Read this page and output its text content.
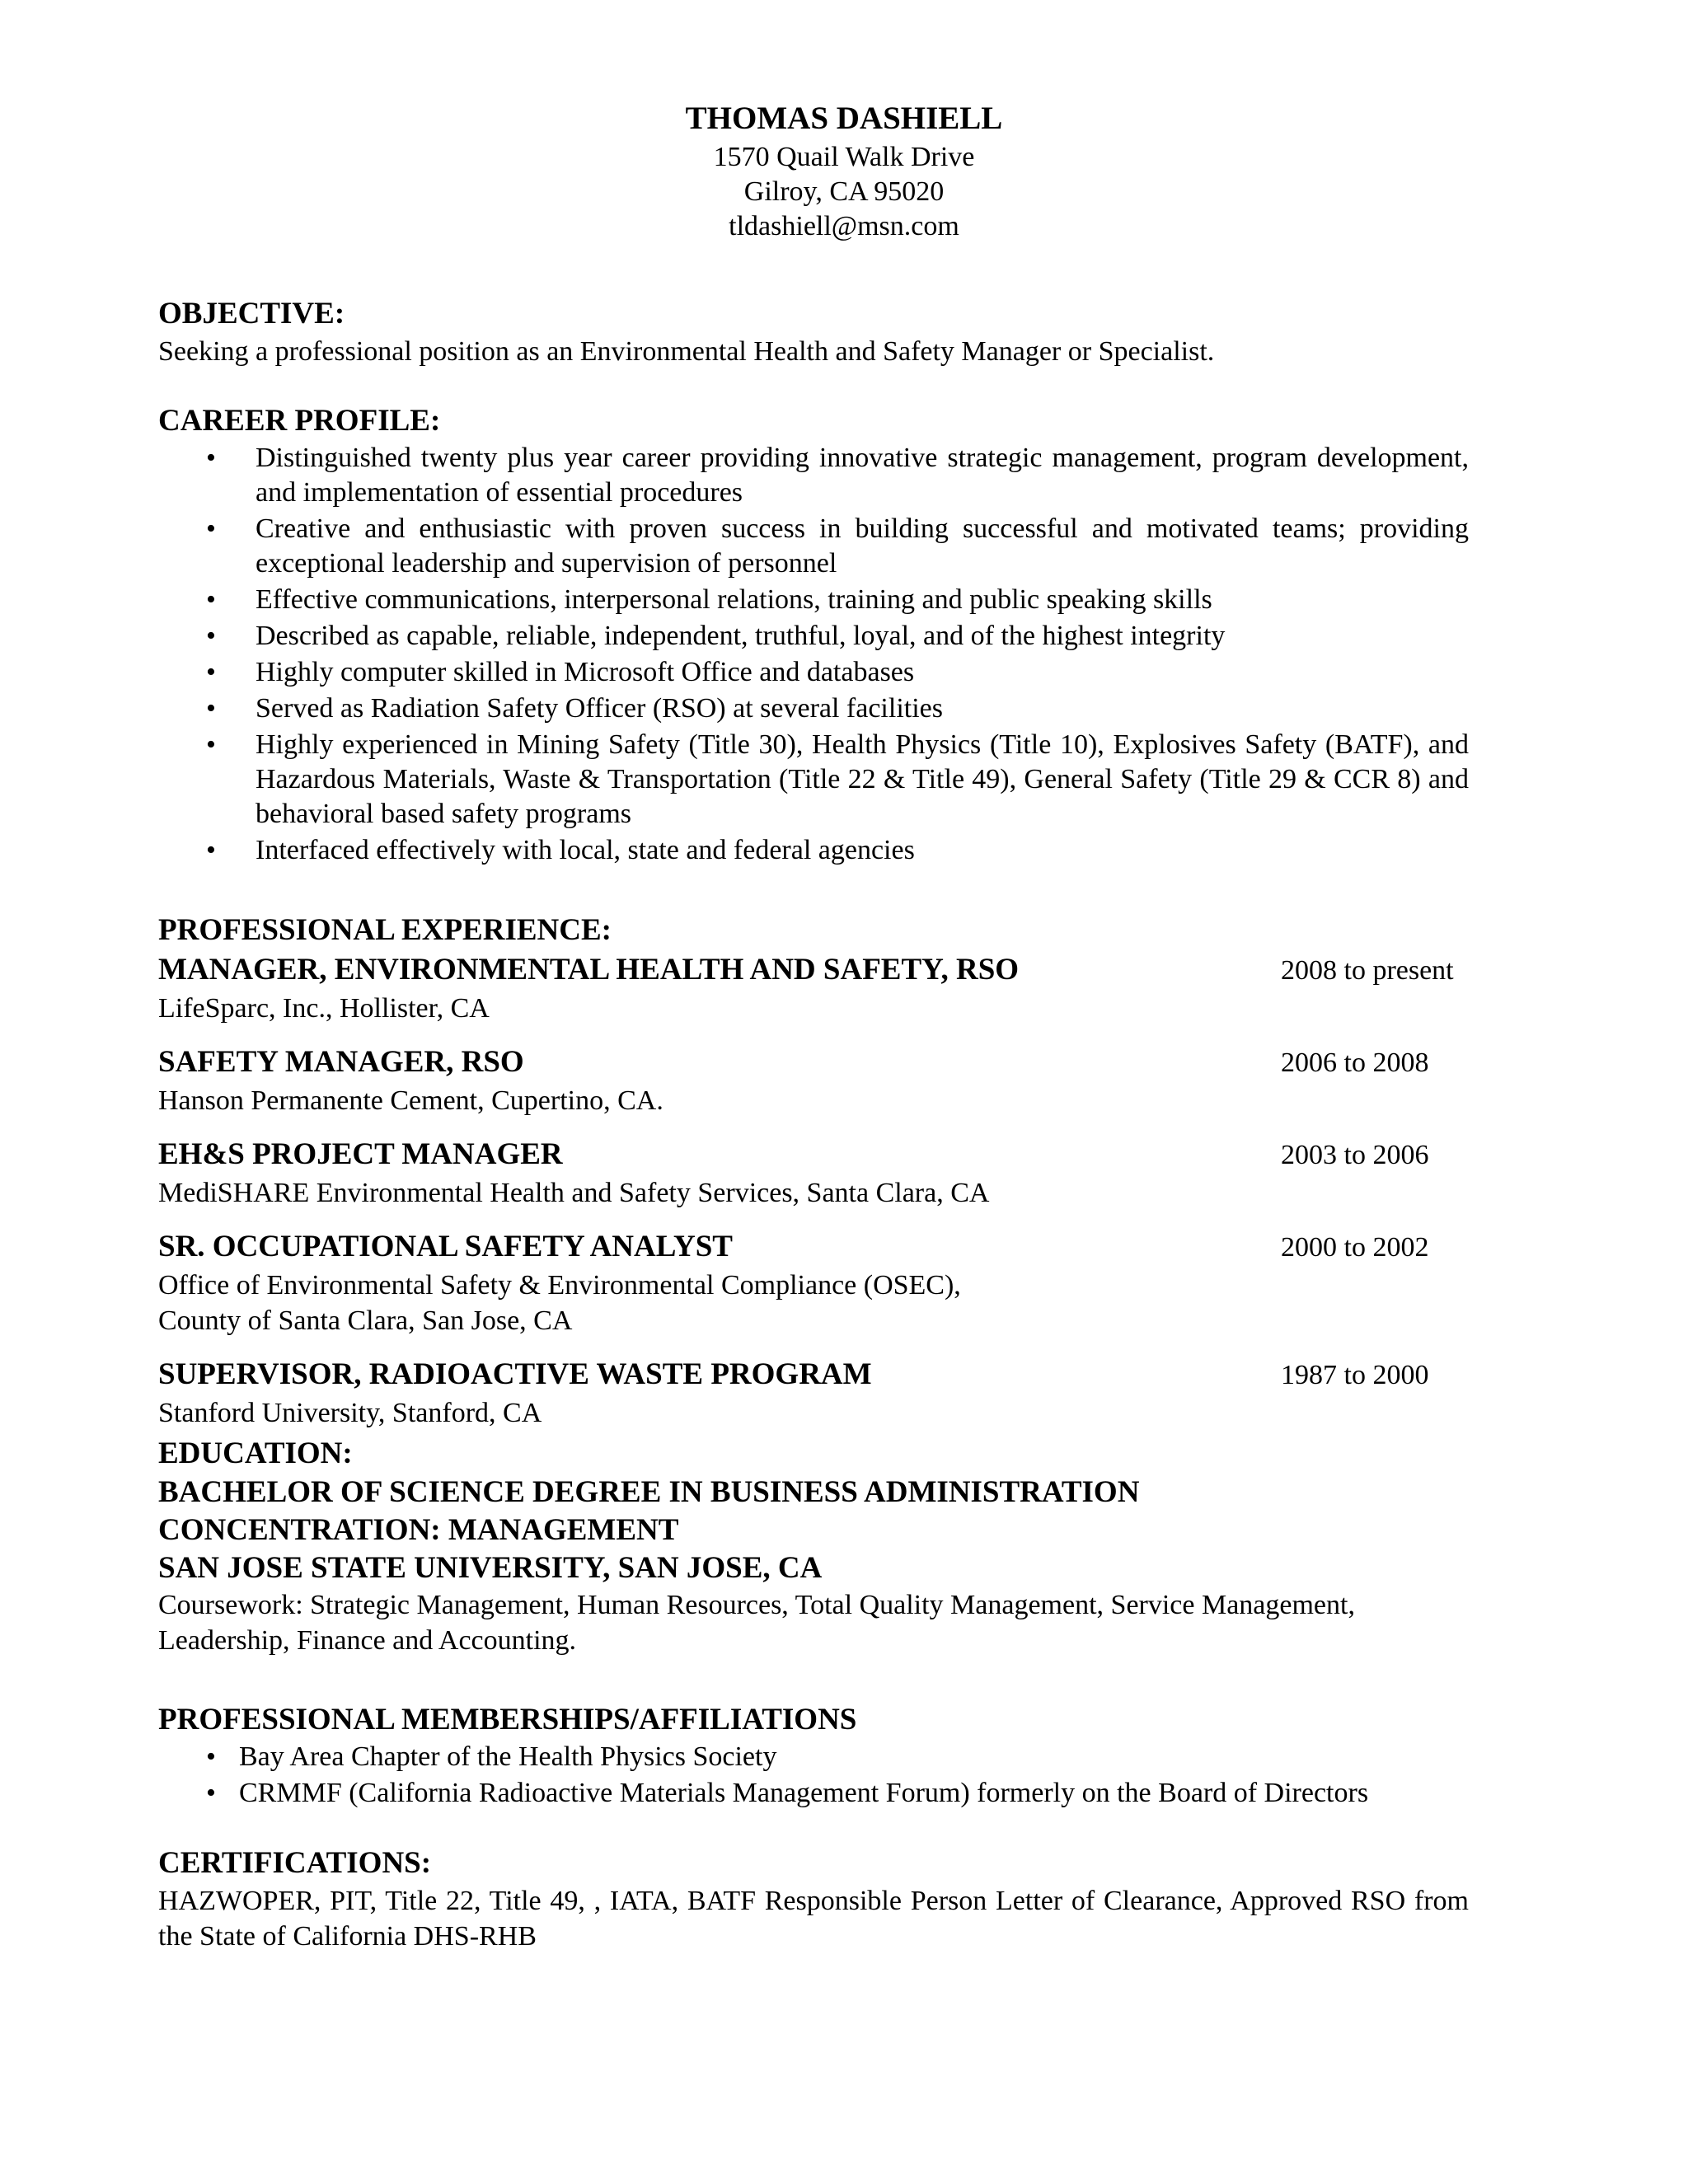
THOMAS DASHIELL
1570 Quail Walk Drive
Gilroy, CA 95020
tldashiell@msn.com
OBJECTIVE:
Seeking a professional position as an Environmental Health and Safety Manager or Specialist.
CAREER PROFILE:
• Distinguished twenty plus year career providing innovative strategic management, program development, and implementation of essential procedures
• Creative and enthusiastic with proven success in building successful and motivated teams; providing exceptional leadership and supervision of personnel
• Effective communications, interpersonal relations, training and public speaking skills
• Described as capable, reliable, independent, truthful, loyal, and of the highest integrity
• Highly computer skilled in Microsoft Office and databases
• Served as Radiation Safety Officer (RSO) at several facilities
• Highly experienced in Mining Safety (Title 30), Health Physics (Title 10), Explosives Safety (BATF), and Hazardous Materials, Waste & Transportation (Title 22 & Title 49), General Safety (Title 29 & CCR 8) and behavioral based safety programs
• Interfaced effectively with local, state and federal agencies
PROFESSIONAL EXPERIENCE:
MANAGER, ENVIRONMENTAL HEALTH AND SAFETY, RSO	2008 to present
LifeSparc, Inc., Hollister, CA
SAFETY MANAGER, RSO	2006 to 2008
Hanson Permanente Cement, Cupertino, CA.
EH&S PROJECT MANAGER	2003 to 2006
MediSHARE Environmental Health and Safety Services, Santa Clara, CA
SR. OCCUPATIONAL SAFETY ANALYST	2000 to 2002
Office of Environmental Safety & Environmental Compliance (OSEC),
County of Santa Clara, San Jose, CA
SUPERVISOR, RADIOACTIVE WASTE PROGRAM	1987 to 2000
Stanford University, Stanford, CA
EDUCATION:
BACHELOR OF SCIENCE DEGREE IN BUSINESS ADMINISTRATION
CONCENTRATION: MANAGEMENT
SAN JOSE STATE UNIVERSITY, SAN JOSE, CA
Coursework: Strategic Management, Human Resources, Total Quality Management, Service Management, Leadership, Finance and Accounting.
PROFESSIONAL MEMBERSHIPS/AFFILIATIONS
• Bay Area Chapter of the Health Physics Society
• CRMMF (California Radioactive Materials Management Forum) formerly on the Board of Directors
CERTIFICATIONS:
HAZWOPER, PIT, Title 22, Title 49, , IATA, BATF Responsible Person Letter of Clearance, Approved RSO from the State of California DHS-RHB
